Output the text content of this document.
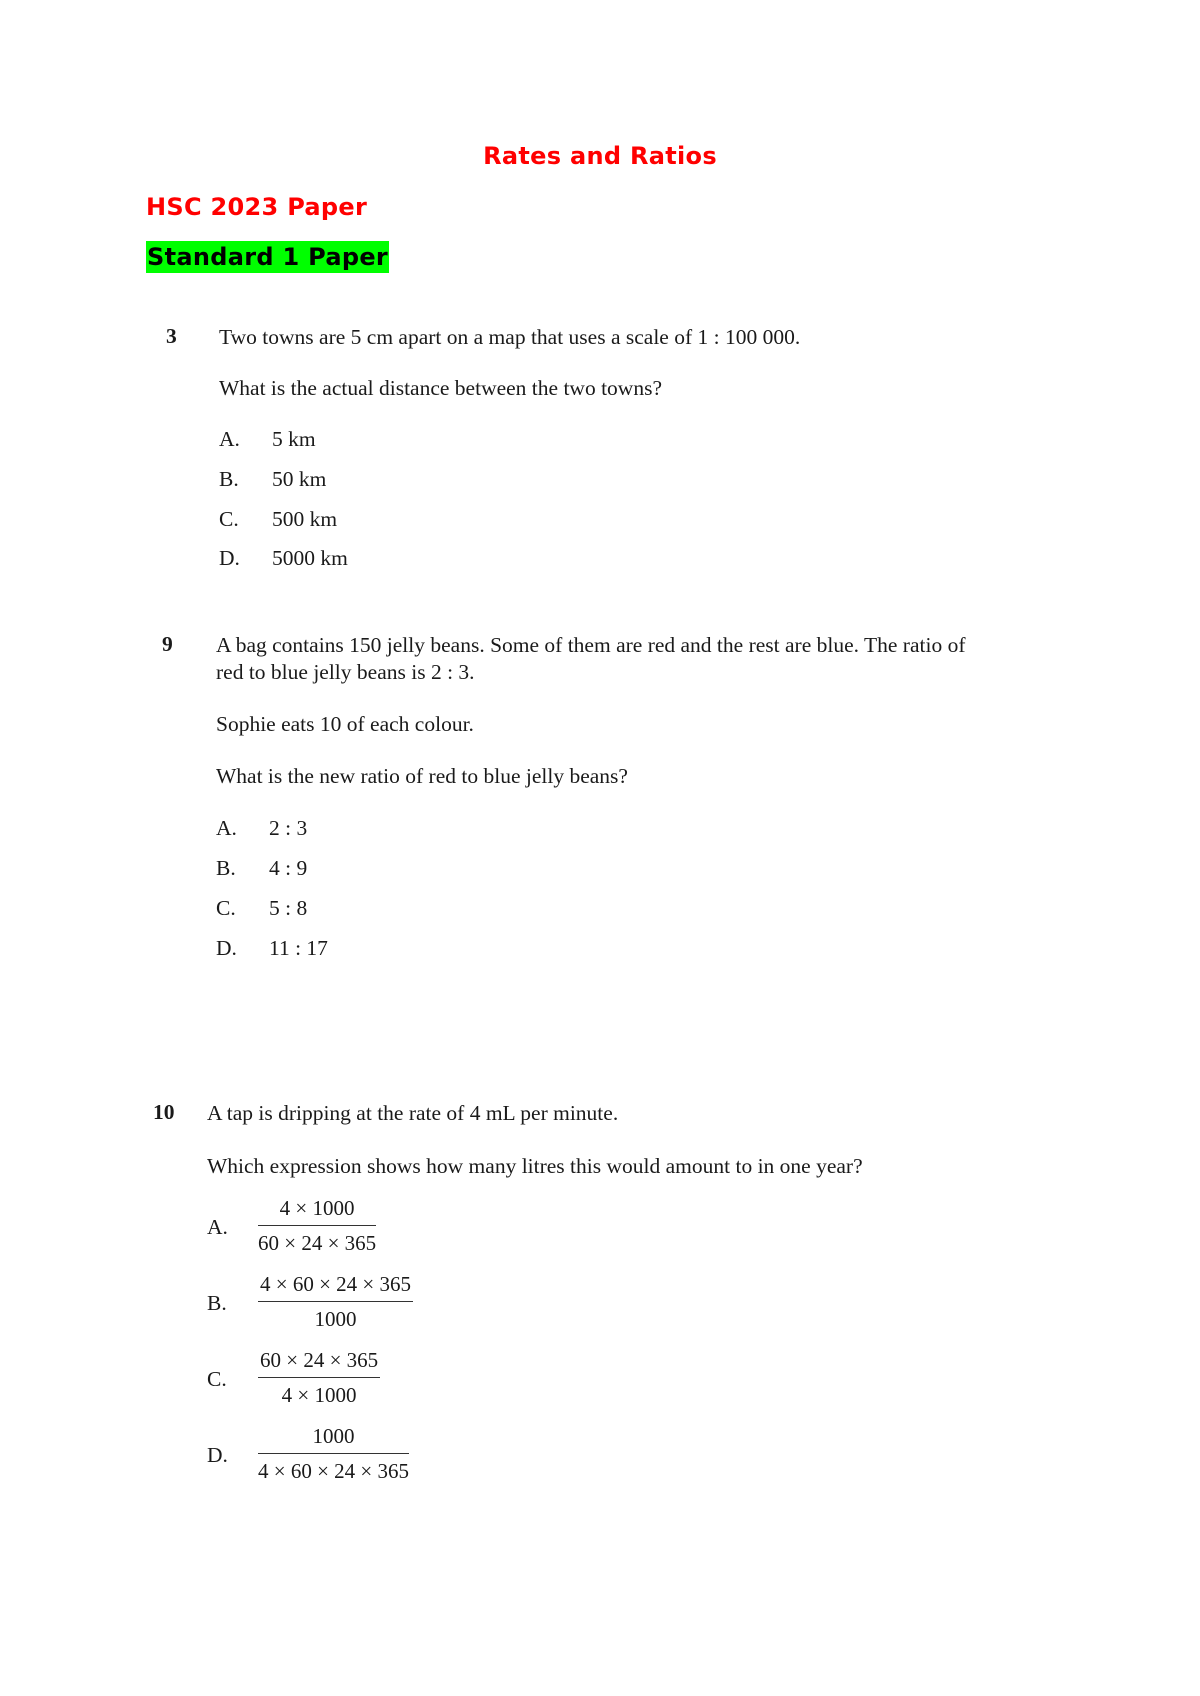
Rates and Ratios
HSC 2023 Paper
Standard 1 Paper
3 Two towns are 5 cm apart on a map that uses a scale of 1 : 100 000.
What is the actual distance between the two towns?
A. 5 km
B. 50 km
C. 500 km
D. 5000 km
9 A bag contains 150 jelly beans. Some of them are red and the rest are blue. The ratio of
red to blue jelly beans is 2 : 3.
Sophie eats 10 of each colour.
What is the new ratio of red to blue jelly beans?
A. 2 : 3
B. 4 : 9
C. 5 : 8
D. 11 : 17
10 A tap is dripping at the rate of 4 mL per minute.
Which expression shows how many litres this would amount to in one year?
A. $\frac{4 \times 1000}{60 \times 24 \times 365}$
B. $\frac{4 \times 60 \times 24 \times 365}{1000}$
C. $\frac{60 \times 24 \times 365}{4 \times 1000}$
D. $\frac{1000}{4 \times 60 \times 24 \times 365}$
